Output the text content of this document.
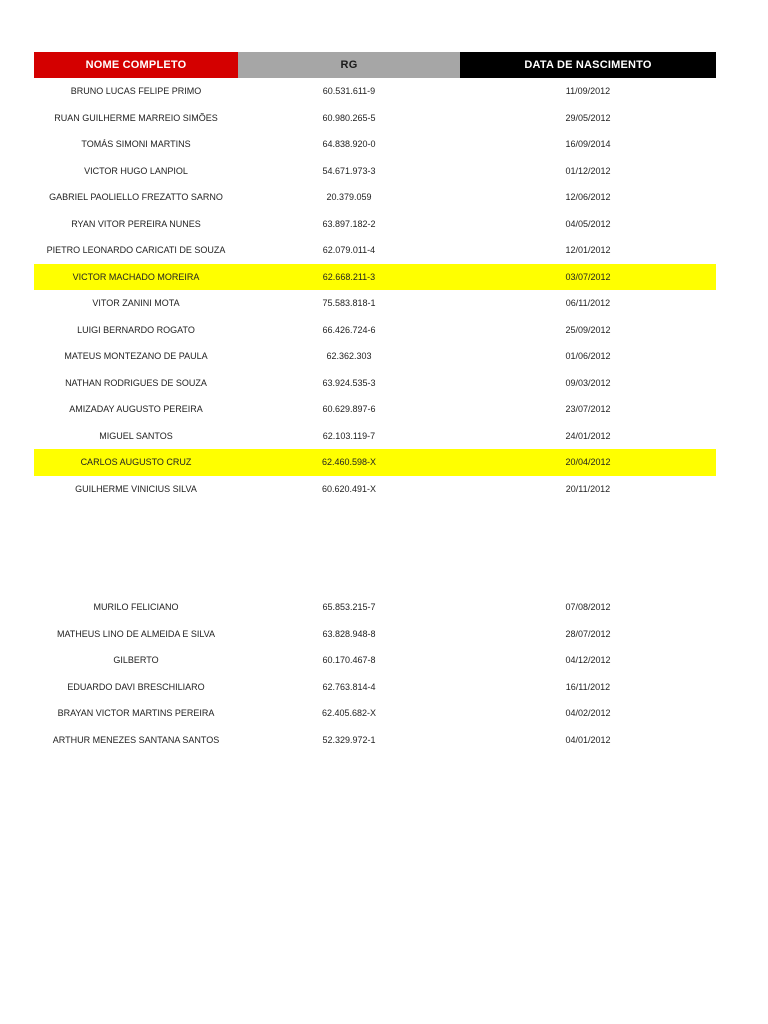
NOME COMPLETO	RG	DATA DE NASCIMENTO
BRUNO LUCAS FELIPE PRIMO	60.531.611-9	11/09/2012
RUAN GUILHERME MARREIO SIMÕES	60.980.265-5	29/05/2012
TOMÁS SIMONI MARTINS	64.838.920-0	16/09/2014
VICTOR HUGO LANPIOL	54.671.973-3	01/12/2012
GABRIEL PAOLIELLO FREZATTO SARNO	20.379.059	12/06/2012
RYAN VITOR PEREIRA NUNES	63.897.182-2	04/05/2012
PIETRO LEONARDO CARICATI DE SOUZA	62.079.011-4	12/01/2012
VICTOR MACHADO MOREIRA	62.668.211-3	03/07/2012
VITOR ZANINI MOTA	75.583.818-1	06/11/2012
LUIGI BERNARDO ROGATO	66.426.724-6	25/09/2012
MATEUS MONTEZANO DE PAULA	62.362.303	01/06/2012
NATHAN RODRIGUES DE SOUZA	63.924.535-3	09/03/2012
AMIZADAY AUGUSTO PEREIRA	60.629.897-6	23/07/2012
MIGUEL SANTOS	62.103.119-7	24/01/2012
CARLOS AUGUSTO CRUZ	62.460.598-X	20/04/2012
GUILHERME VINICIUS SILVA	60.620.491-X	20/11/2012
MURILO FELICIANO	65.853.215-7	07/08/2012
MATHEUS LINO DE ALMEIDA E SILVA	63.828.948-8	28/07/2012
GILBERTO	60.170.467-8	04/12/2012
EDUARDO DAVI BRESCHILIARO	62.763.814-4	16/11/2012
BRAYAN VICTOR MARTINS PEREIRA	62.405.682-X	04/02/2012
ARTHUR MENEZES SANTANA SANTOS	52.329.972-1	04/01/2012
